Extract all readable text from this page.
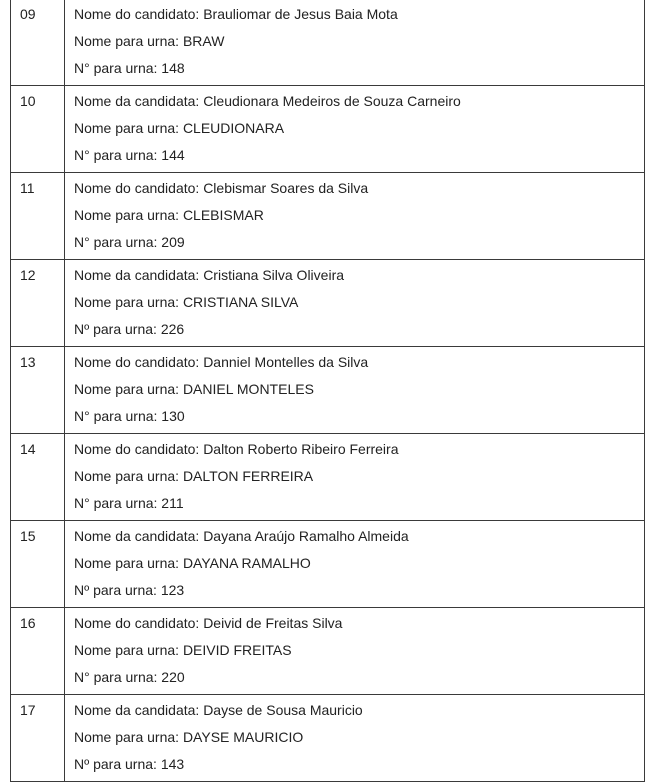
09	Nome do candidato: Brauliomar de Jesus Baia Mota
Nome para urna: BRAW
N° para urna: 148

10	Nome da candidata: Cleudionara Medeiros de Souza Carneiro
Nome para urna: CLEUDIONARA
N° para urna: 144

11	Nome do candidato: Clebismar Soares da Silva
Nome para urna: CLEBISMAR
N° para urna: 209

12	Nome da candidata: Cristiana Silva Oliveira
Nome para urna: CRISTIANA SILVA
Nº para urna: 226

13	Nome do candidato: Danniel Montelles da Silva
Nome para urna: DANIEL MONTELES
N° para urna: 130

14	Nome do candidato: Dalton Roberto Ribeiro Ferreira
Nome para urna: DALTON FERREIRA
N° para urna: 211

15	Nome da candidata: Dayana Araújo Ramalho Almeida
Nome para urna: DAYANA RAMALHO
Nº para urna: 123

16	Nome do candidato: Deivid de Freitas Silva
Nome para urna: DEIVID FREITAS
N° para urna: 220

17	Nome da candidata: Dayse de Sousa Mauricio
Nome para urna: DAYSE MAURICIO
Nº para urna: 143
